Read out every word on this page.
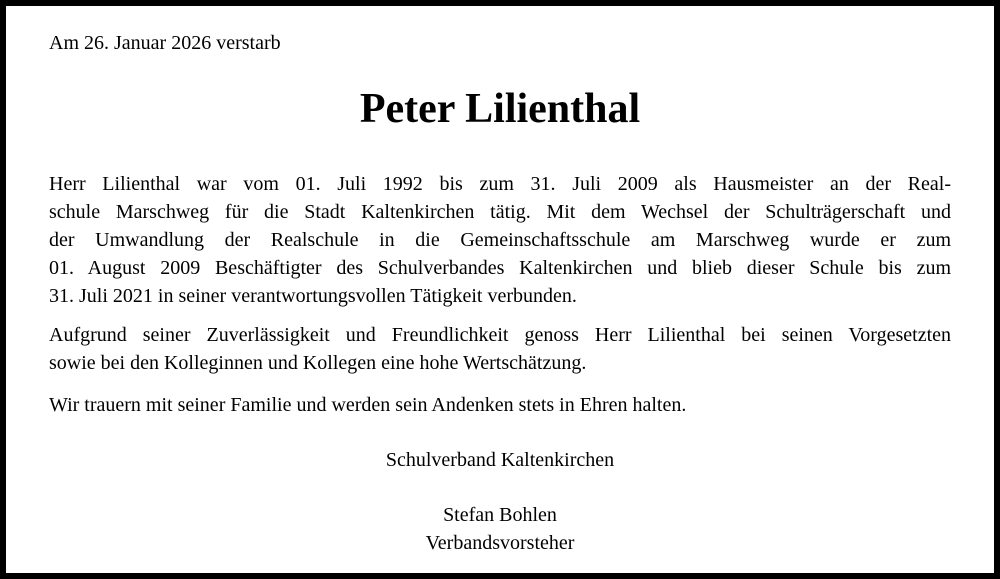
Am 26. Januar 2026 verstarb
Peter Lilienthal
Herr Lilienthal war vom 01. Juli 1992 bis zum 31. Juli 2009 als Hausmeister an der Real-
schule Marschweg für die Stadt Kaltenkirchen tätig. Mit dem Wechsel der Schulträgerschaft und
der Umwandlung der Realschule in die Gemeinschaftsschule am Marschweg wurde er zum
01. August 2009 Beschäftigter des Schulverbandes Kaltenkirchen und blieb dieser Schule bis zum
31. Juli 2021 in seiner verantwortungsvollen Tätigkeit verbunden.
Aufgrund seiner Zuverlässigkeit und Freundlichkeit genoss Herr Lilienthal bei seinen Vorgesetzten
sowie bei den Kolleginnen und Kollegen eine hohe Wertschätzung.
Wir trauern mit seiner Familie und werden sein Andenken stets in Ehren halten.
Schulverband Kaltenkirchen
Stefan Bohlen
Verbandsvorsteher
